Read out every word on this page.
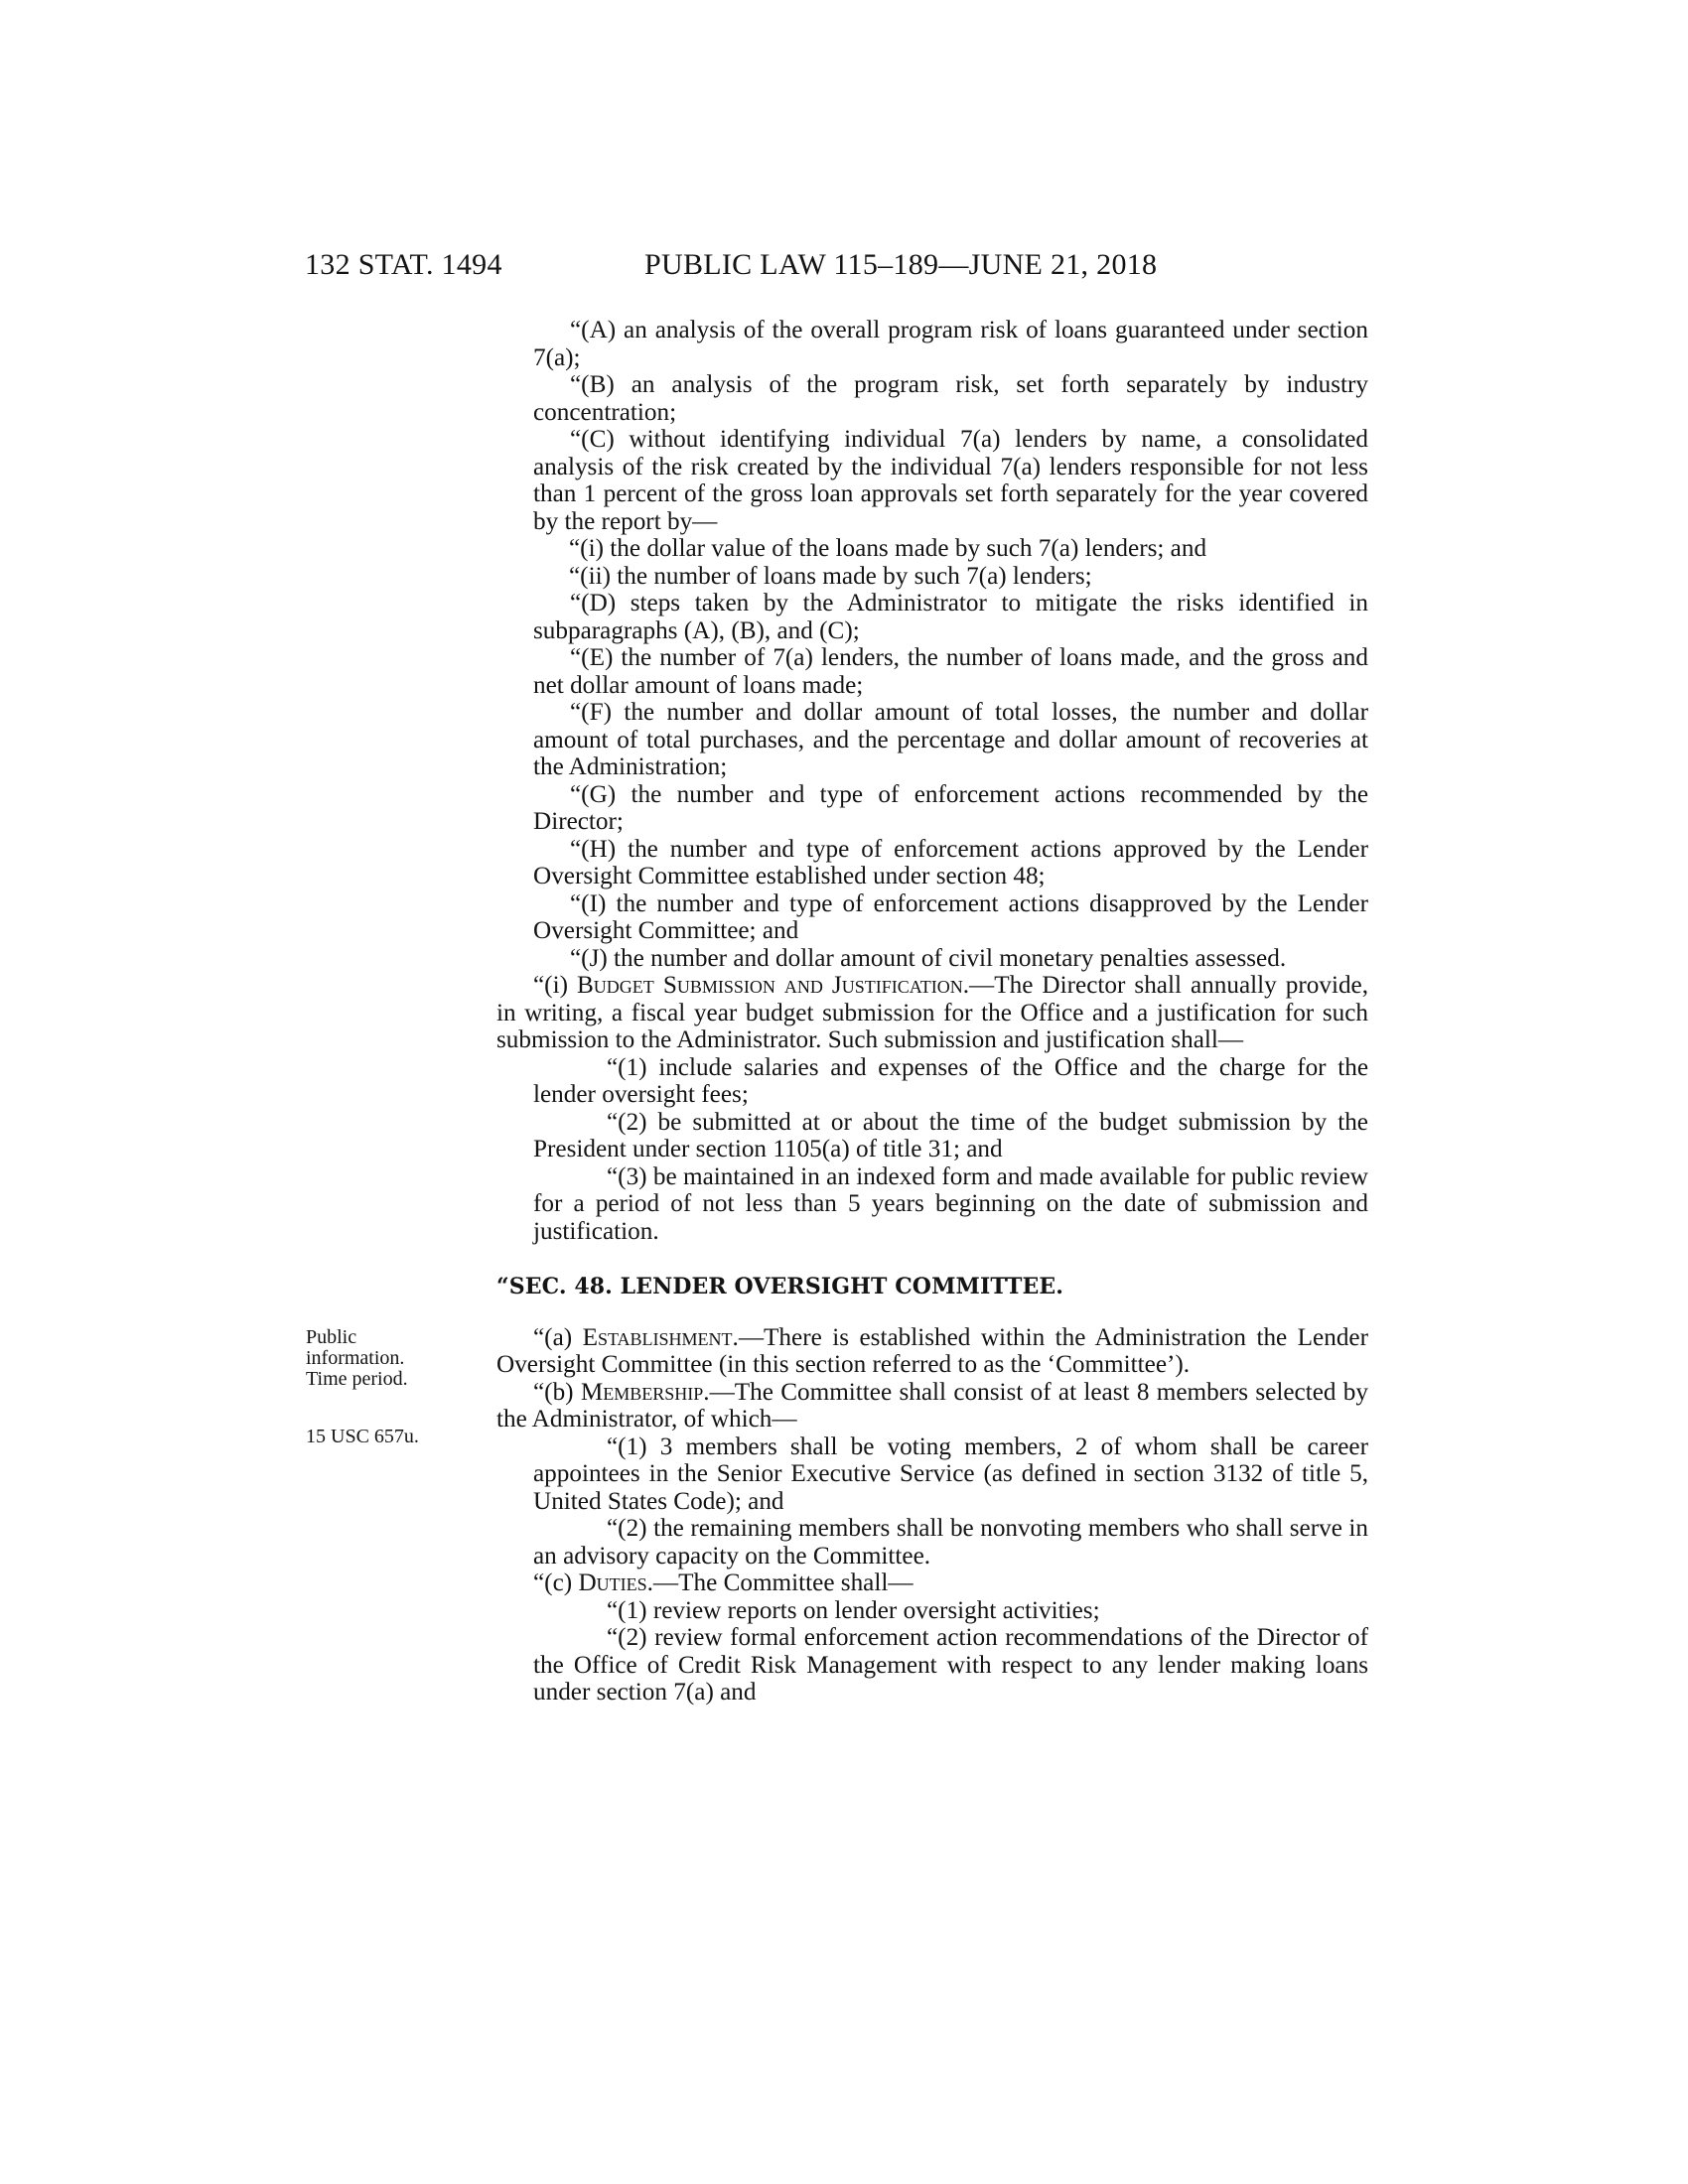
132 STAT. 1494	PUBLIC LAW 115–189—JUNE 21, 2018
Public
information.
Time period.
15 USC 657u.

“(A) an analysis of the overall program risk of loans guaranteed under section 7(a);

“(B) an analysis of the program risk, set forth separately by industry concentration;

“(C) without identifying individual 7(a) lenders by name, a consolidated analysis of the risk created by the individual 7(a) lenders responsible for not less than 1 percent of the gross loan approvals set forth separately for the year covered by the report by—

“(i) the dollar value of the loans made by such 7(a) lenders; and

“(ii) the number of loans made by such 7(a) lenders;

“(D) steps taken by the Administrator to mitigate the risks identified in subparagraphs (A), (B), and (C);

“(E) the number of 7(a) lenders, the number of loans made, and the gross and net dollar amount of loans made;

“(F) the number and dollar amount of total losses, the number and dollar amount of total purchases, and the percentage and dollar amount of recoveries at the Administration;

“(G) the number and type of enforcement actions recommended by the Director;

“(H) the number and type of enforcement actions approved by the Lender Oversight Committee established under section 48;

“(I) the number and type of enforcement actions disapproved by the Lender Oversight Committee; and

“(J) the number and dollar amount of civil monetary penalties assessed.

“(i) Budget Submission and Justification.—The Director shall annually provide, in writing, a fiscal year budget submission for the Office and a justification for such submission to the Administrator. Such submission and justification shall—

“(1) include salaries and expenses of the Office and the charge for the lender oversight fees;

“(2) be submitted at or about the time of the budget submission by the President under section 1105(a) of title 31; and

“(3) be maintained in an indexed form and made available for public review for a period of not less than 5 years beginning on the date of submission and justification.

“SEC. 48. LENDER OVERSIGHT COMMITTEE.

“(a) Establishment.—There is established within the Administration the Lender Oversight Committee (in this section referred to as the ‘Committee’).

“(b) Membership.—The Committee shall consist of at least 8 members selected by the Administrator, of which—

“(1) 3 members shall be voting members, 2 of whom shall be career appointees in the Senior Executive Service (as defined in section 3132 of title 5, United States Code); and

“(2) the remaining members shall be nonvoting members who shall serve in an advisory capacity on the Committee.

“(c) Duties.—The Committee shall—

“(1) review reports on lender oversight activities;

“(2) review formal enforcement action recommendations of the Director of the Office of Credit Risk Management with respect to any lender making loans under section 7(a) and
